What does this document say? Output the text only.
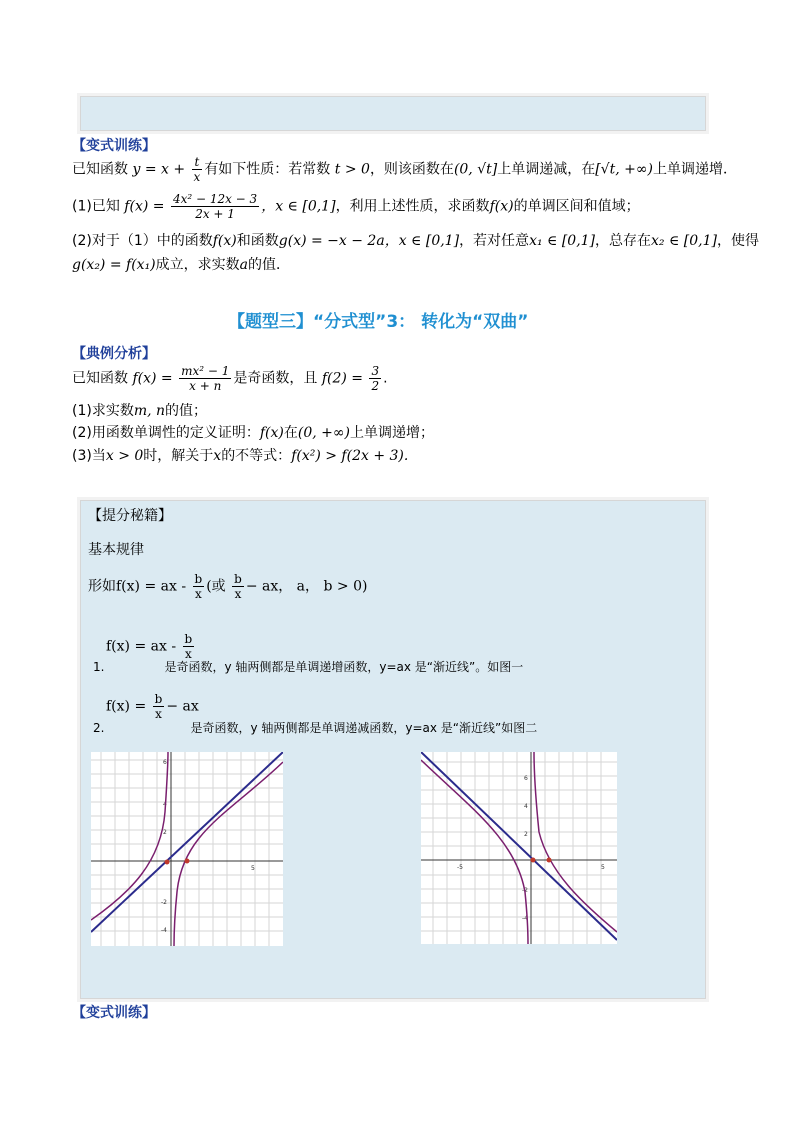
【变式训练】
已知函数 $y = x + \frac{t}{x}$ 有如下性质：若常数 t > 0，则该函数在(0, √t]上单调递减，在[√t, +∞)上单调递增．
(1)已知 $f(x) = \frac{\text{4x² − 12x − 3}}{2x + 1}$ ，x ∈ [0,1]，利用上述性质，求函数f(x)的单调区间和值域；
(2)对于（1）中的函数f(x)和函数g(x) = −x − 2a，x ∈ [0,1]，若对任意x₁ ∈ [0,1]，总存在x₂ ∈ [0,1]，使得
g(x₂) = f(x₁)成立，求实数a的值．
【题型三】“分式型”3： 转化为“双曲”
【典例分析】
已知函数 $f(x) = \frac{\text{mx² − 1}}{x + n}$ 是奇函数，且 $f(2) = \frac{3}{2}$ .
(1)求实数m, n的值；
(2)用函数单调性的定义证明：f(x)在(0, +∞)上单调递增；
(3)当x > 0时，解关于x的不等式：f(x²) > f(2x + 3).
【提分秘籍】
基本规律
形如f(x) = ax - $\frac{b}{x}$ (或 $\frac{b}{x}$ − ax， a， b > 0)
f(x) = ax - $\frac{b}{x}$
1.	是奇函数，y 轴两侧都是单调递增函数，y=ax 是“渐近线”。如图一
$f(x) = \frac{b}{x}$ − ax
2.	是奇函数，y 轴两侧都是单调递减函数，y=ax 是“渐近线”如图二
6
4
2
-2
-4
5
6
4
2
-2
-4
-5	5
【变式训练】
